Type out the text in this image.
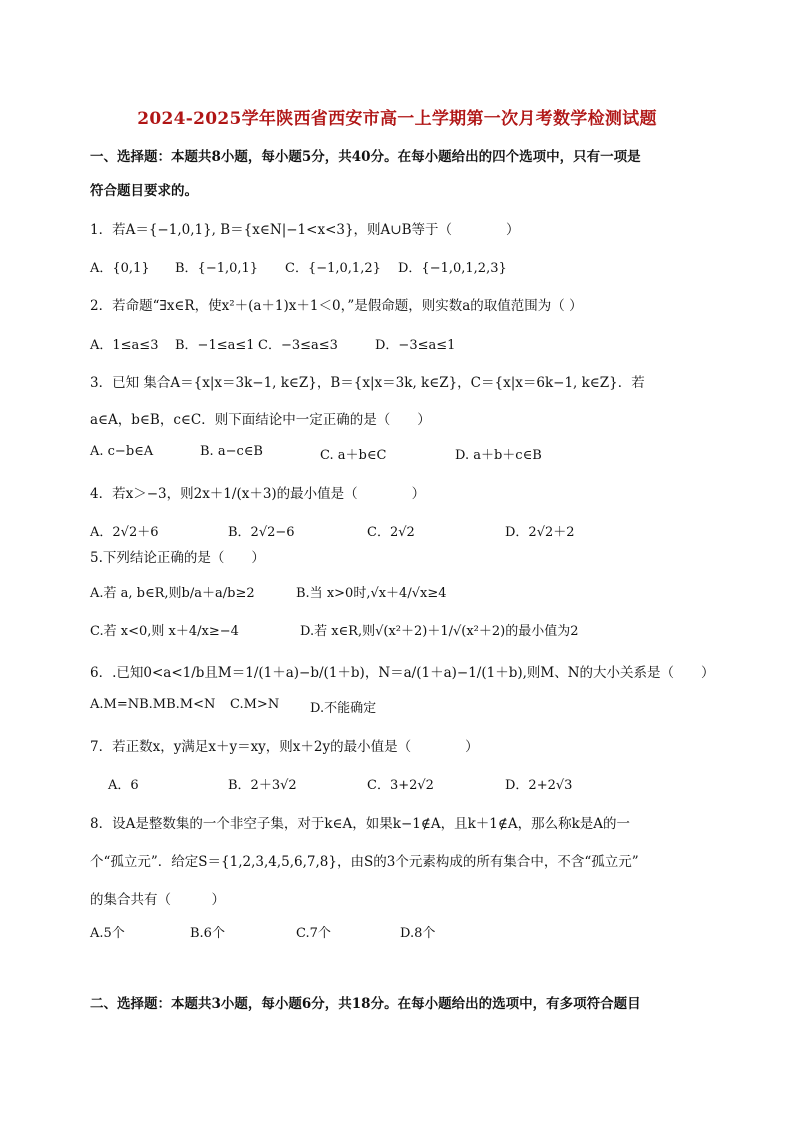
2024-2025学年陕西省西安市高一上学期第一次月考数学检测试题
一、选择题：本题共8小题，每小题5分，共40分。在每小题给出的四个选项中，只有一项是
符合题目要求的。
1．若A＝{−1,0,1}, B＝{x∈N|−1<x<3}，则A∪B等于（　　　　）
A．{0,1} B．{−1,0,1} C．{−1,0,1,2} D．{−1,0,1,2,3}
2．若命题“∃x∈R，使x²＋(a＋1)x＋1＜0，”是假命题，则实数a的取值范围为（ ）
A．1≤a≤3 B．−1≤a≤1 C．−3≤a≤3	D．−3≤a≤1
3．已知 集合A＝{x|x＝3k−1, k∈Z}，B＝{x|x＝3k, k∈Z}，C＝{x|x＝6k−1, k∈Z}．若
a∈A，b∈B，c∈C．则下面结论中一定正确的是（　　）
A. c−b∈A	B. a−c∈B	C. a＋b∈C	D. a＋b＋c∈B
4．若x＞−3，则2x＋1/(x＋3)的最小值是（　　　　）
A．2√2＋6	B．2√2−6	C．2√2	D．2√2＋2
5.下列结论正确的是（　　）
A.若 a, b∈R,则b/a＋a/b≥2	B.当 x>0时,√x＋4/√x≥4
C.若 x<0,则 x＋4/x≥−4	D.若 x∈R,则√(x²＋2)＋1/√(x²＋2)的最小值为2
6．.已知0<a<1/b且M＝1/(1＋a)−b/(1＋b)，N＝a/(1＋a)−1/(1＋b),则M、N的大小关系是（　　）
A.M=NB.MB.M<N C.M>N D.不能确定
7．若正数x，y满足x＋y＝xy，则x＋2y的最小值是（　　　　）
A．6	B．2＋3√2	C．3+2√2	D．2+2√3
8．设A是整数集的一个非空子集，对于k∈A，如果k−1∉A，且k＋1∉A，那么称k是A的一
个“孤立元”．给定S＝{1,2,3,4,5,6,7,8}，由S的3个元素构成的所有集合中，不含“孤立元”
的集合共有（　　　）
A.5个	B.6个	C.7个	D.8个
二、选择题：本题共3小题，每小题6分，共18分。在每小题给出的选项中，有多项符合题目
